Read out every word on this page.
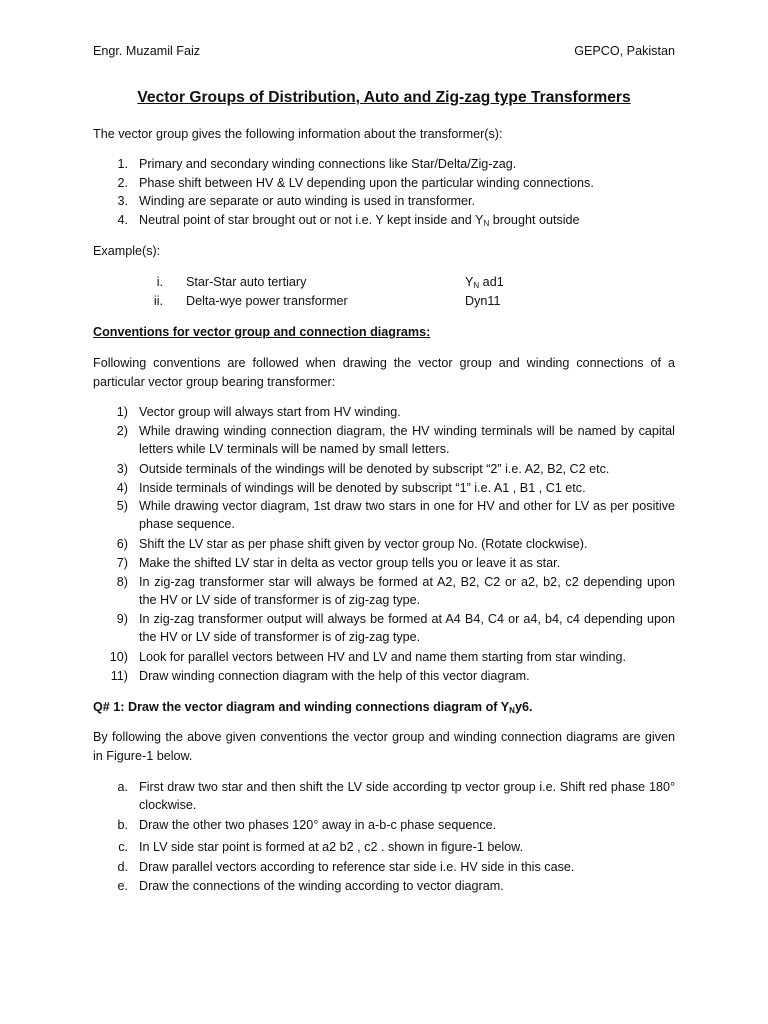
Engr. Muzamil Faiz	GEPCO, Pakistan
Vector Groups of Distribution, Auto and Zig-zag type Transformers
The vector group gives the following information about the transformer(s):
1. Primary and secondary winding connections like Star/Delta/Zig-zag.
2. Phase shift between HV & LV depending upon the particular winding connections.
3. Winding are separate or auto winding is used in transformer.
4. Neutral point of star brought out or not i.e. Y kept inside and $Y_N$ brought outside
Example(s):
i. Star-Star auto tertiary	$Y_N$ ad1
ii. Delta-wye power transformer	Dyn11
Conventions for vector group and connection diagrams:
Following conventions are followed when drawing the vector group and winding connections of a particular vector group bearing transformer:
1) Vector group will always start from HV winding.
2) While drawing winding connection diagram, the HV winding terminals will be named by capital letters while LV terminals will be named by small letters.
3) Outside terminals of the windings will be denoted by subscript “2” i.e. A2, B2, C2 etc.
4) Inside terminals of windings will be denoted by subscript “1” i.e. A1 , B1 , C1 etc.
5) While drawing vector diagram, 1st draw two stars in one for HV and other for LV as per positive phase sequence.
6) Shift the LV star as per phase shift given by vector group No. (Rotate clockwise).
7) Make the shifted LV star in delta as vector group tells you or leave it as star.
8) In zig-zag transformer star will always be formed at A2, B2, C2 or a2, b2, c2 depending upon the HV or LV side of transformer is of zig-zag type.
9) In zig-zag transformer output will always be formed at A4 B4, C4 or a4, b4, c4 depending upon the HV or LV side of transformer is of zig-zag type.
10) Look for parallel vectors between HV and LV and name them starting from star winding.
11) Draw winding connection diagram with the help of this vector diagram.
Q# 1: Draw the vector diagram and winding connections diagram of $Y_Ny6$.
By following the above given conventions the vector group and winding connection diagrams are given in Figure-1 below.
a. First draw two star and then shift the LV side according tp vector group i.e. Shift red phase 180° clockwise.
b. Draw the other two phases 120° away in a-b-c phase sequence.
c. In LV side star point is formed at a2 b2 , c2 . shown in figure-1 below.
d. Draw parallel vectors according to reference star side i.e. HV side in this case.
e. Draw the connections of the winding according to vector diagram.
